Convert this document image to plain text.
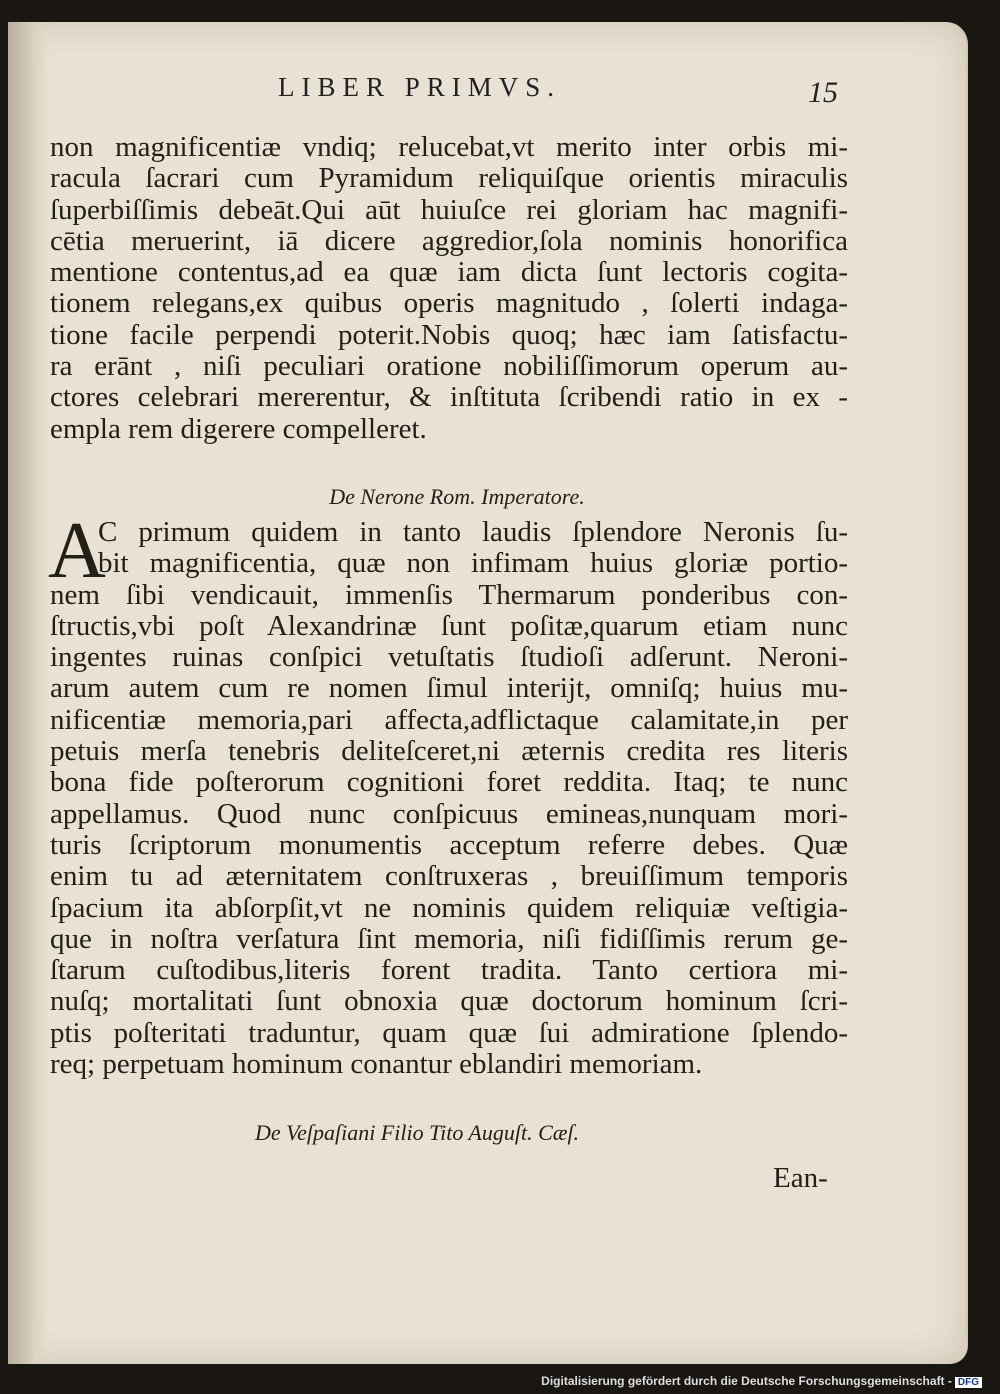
LIBER PRIMVS.	15
non magnificentiæ vndiq; relucebat,vt merito inter orbis mi-
racula ſacrari cum Pyramidum reliquiſque orientis miraculis
ſuperbiſſimis debeāt.Qui aūt huiuſce rei gloriam hac magnifi-
cētia meruerint, iā dicere aggredior,ſola nominis honorifica
mentione contentus,ad ea quæ iam dicta ſunt lectoris cogita-
tionem relegans,ex quibus operis magnitudo , ſolerti indaga-
tione facile perpendi poterit.Nobis quoq; hæc iam ſatisfactu-
ra erānt , niſi peculiari oratione nobiliſſimorum operum au-
ctores celebrari mererentur, & inſtituta ſcribendi ratio in ex -
empla rem digerere compelleret.
De Nerone Rom. Imperatore.
A
C primum quidem in tanto laudis ſplendore Neronis ſu-
bit magnificentia, quæ non infimam huius gloriæ portio-
nem ſibi vendicauit, immenſis Thermarum ponderibus con-
ſtructis,vbi poſt Alexandrinæ ſunt poſitæ,quarum etiam nunc
ingentes ruinas conſpici vetuſtatis ſtudioſi adſerunt. Neroni-
arum autem cum re nomen ſimul interijt, omniſq; huius mu-
nificentiæ memoria,pari affecta,adflictaque calamitate,in per
petuis merſa tenebris deliteſceret,ni æternis credita res literis
bona fide poſterorum cognitioni foret reddita. Itaq; te nunc
appellamus. Quod nunc conſpicuus emineas,nunquam mori-
turis ſcriptorum monumentis acceptum referre debes. Quæ
enim tu ad æternitatem conſtruxeras , breuiſſimum temporis
ſpacium ita abſorpſit,vt ne nominis quidem reliquiæ veſtigia-
que in noſtra verſatura ſint memoria, niſi fidiſſimis rerum ge-
ſtarum cuſtodibus,literis forent tradita. Tanto certiora mi-
nuſq; mortalitati ſunt obnoxia quæ doctorum hominum ſcri-
ptis poſteritati traduntur, quam quæ ſui admiratione ſplendo-
req; perpetuam hominum conantur eblandiri memoriam.
De Veſpaſiani Filio Tito Auguſt. Cæſ.
Ean-
Digitalisierung gefördert durch die Deutsche Forschungsgemeinschaft - DFG
